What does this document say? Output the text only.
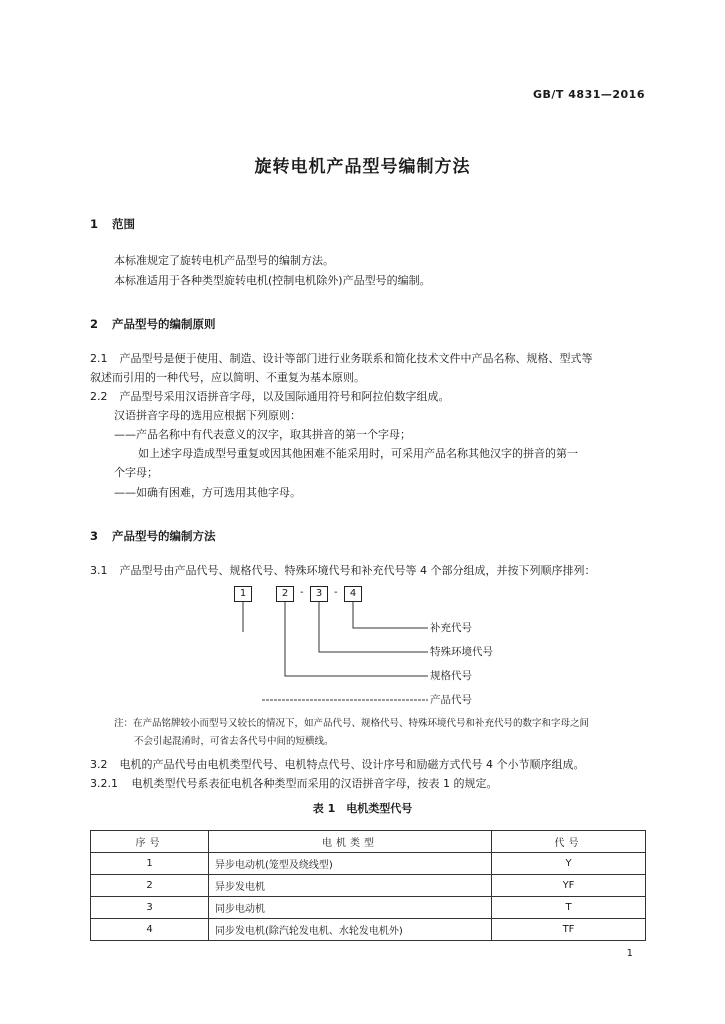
GB/T 4831—2016
旋转电机产品型号编制方法
1 范围
本标准规定了旋转电机产品型号的编制方法。
本标准适用于各种类型旋转电机(控制电机除外)产品型号的编制。
2 产品型号的编制原则
2.1 产品型号是便于使用、制造、设计等部门进行业务联系和简化技术文件中产品名称、规格、型式等
叙述而引用的一种代号，应以简明、不重复为基本原则。
2.2 产品型号采用汉语拼音字母，以及国际通用符号和阿拉伯数字组成。
汉语拼音字母的选用应根据下列原则：
——产品名称中有代表意义的汉字，取其拼音的第一个字母；
如上述字母造成型号重复或因其他困难不能采用时，可采用产品名称其他汉字的拼音的第一
个字母；
——如确有困难，方可选用其他字母。
3 产品型号的编制方法
3.1 产品型号由产品代号、规格代号、特殊环境代号和补充代号等 4 个部分组成，并按下列顺序排列：
1	2	-	3	-	4
补充代号
特殊环境代号
规格代号
产品代号
注：在产品铭牌较小而型号又较长的情况下，如产品代号、规格代号、特殊环境代号和补充代号的数字和字母之间
不会引起混淆时，可省去各代号中间的短横线。
3.2 电机的产品代号由电机类型代号、电机特点代号、设计序号和励磁方式代号 4 个小节顺序组成。
3.2.1 电机类型代号系表征电机各种类型而采用的汉语拼音字母，按表 1 的规定。
表 1　电机类型代号
序号	电机类型	代号
1	异步电动机(笼型及绕线型)	Y
2	异步发电机	YF
3	同步电动机	T
4	同步发电机(除汽轮发电机、水轮发电机外)	TF
1
